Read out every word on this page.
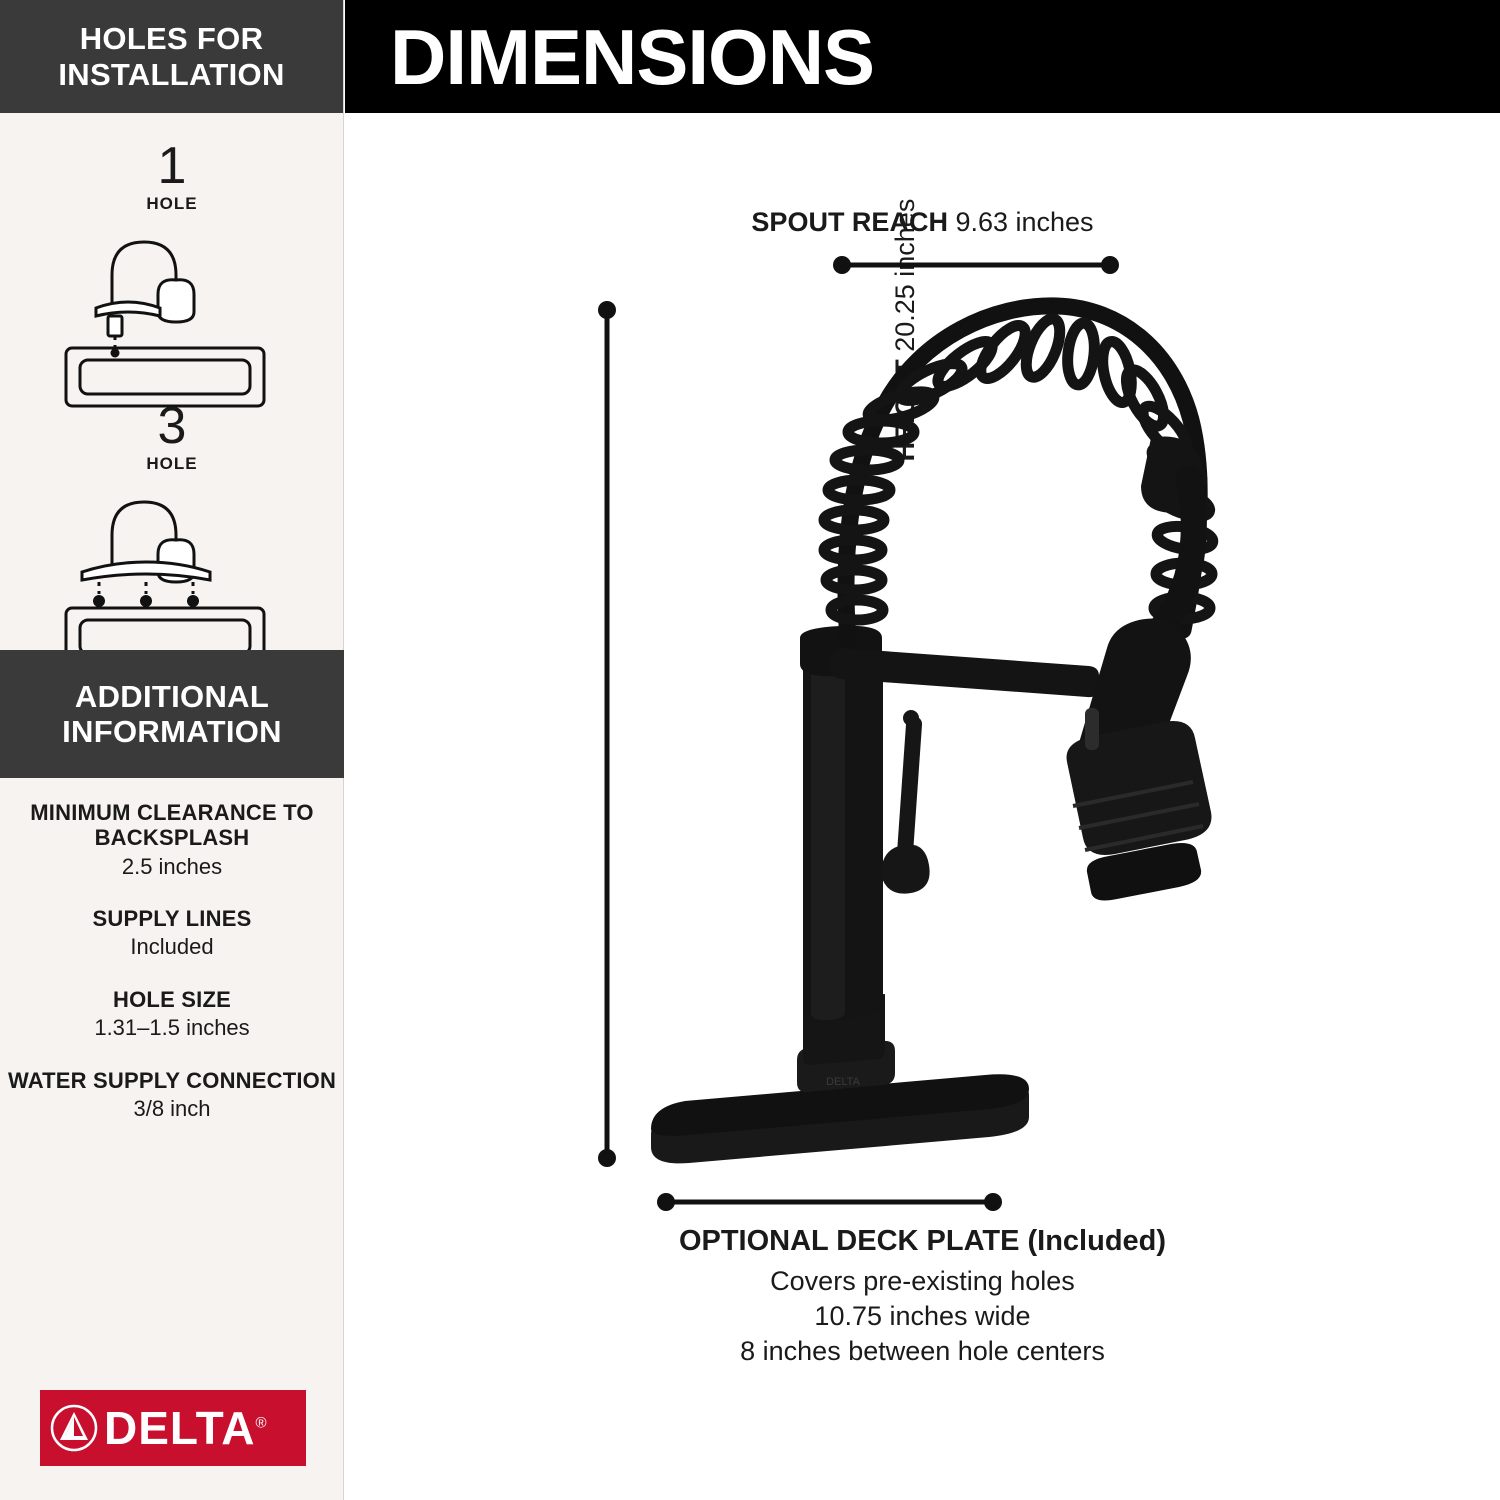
HOLES FOR INSTALLATION
1
HOLE
3
HOLE
ADDITIONAL INFORMATION
MINIMUM CLEARANCE TO BACKSPLASH
2.5 inches
SUPPLY LINES
Included
HOLE SIZE
1.31–1.5 inches
WATER SUPPLY CONNECTION
3/8 inch
DELTA®
DIMENSIONS
SPOUT REACH 9.63 inches
HEIGHT 20.25 inches
DELTA
OPTIONAL DECK PLATE (Included)
Covers pre-existing holes
10.75 inches wide
8 inches between hole centers
